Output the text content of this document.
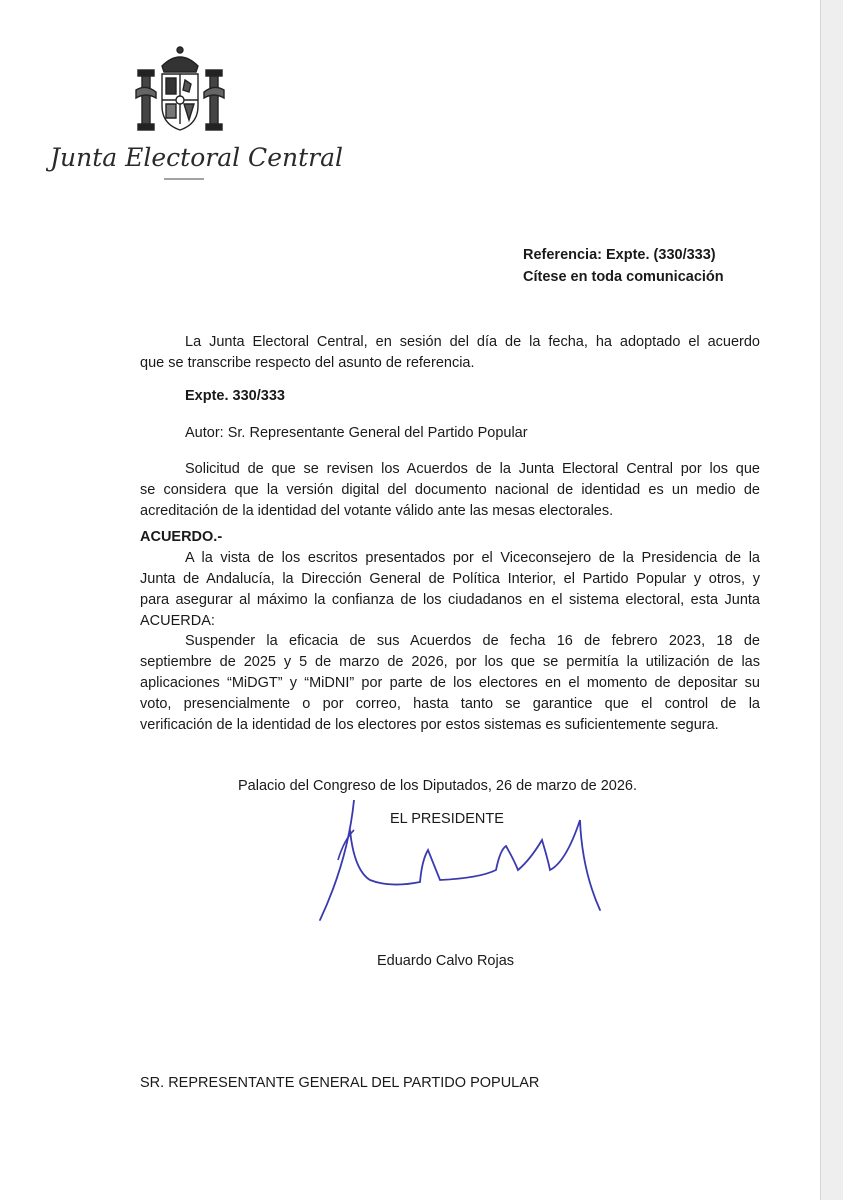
Junta Electoral Central
Referencia: Expte. (330/333)
Cítese en toda comunicación
La Junta Electoral Central, en sesión del día de la fecha, ha adoptado el acuerdo
que se transcribe respecto del asunto de referencia.
Expte. 330/333
Autor: Sr. Representante General del Partido Popular
Solicitud de que se revisen los Acuerdos de la Junta Electoral Central por los que
se considera que la versión digital del documento nacional de identidad es un medio de
acreditación de la identidad del votante válido ante las mesas electorales.
ACUERDO.-
A la vista de los escritos presentados por el Viceconsejero de la Presidencia de la
Junta de Andalucía, la Dirección General de Política Interior, el Partido Popular y otros, y
para asegurar al máximo la confianza de los ciudadanos en el sistema electoral, esta Junta
ACUERDA:
Suspender la eficacia de sus Acuerdos de fecha 16 de febrero 2023, 18 de
septiembre de 2025 y 5 de marzo de 2026, por los que se permitía la utilización de las
aplicaciones “MiDGT” y “MiDNI” por parte de los electores en el momento de depositar su
voto, presencialmente o por correo, hasta tanto se garantice que el control de la
verificación de la identidad de los electores por estos sistemas es suficientemente segura.
Palacio del Congreso de los Diputados, 26 de marzo de 2026.
EL PRESIDENTE
Eduardo Calvo Rojas
SR. REPRESENTANTE GENERAL DEL PARTIDO POPULAR
